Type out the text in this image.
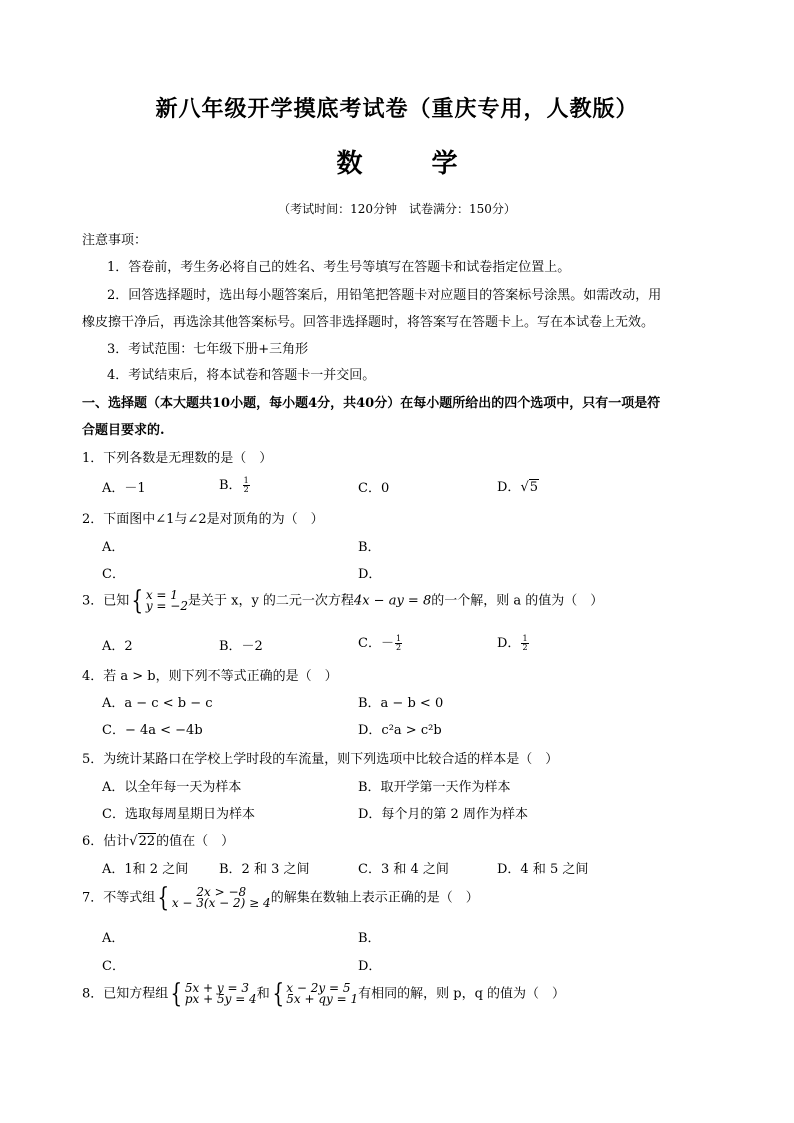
新八年级开学摸底考试卷（重庆专用，人教版）
数	学
（考试时间：120分钟　试卷满分：150分）
注意事项：
1．答卷前，考生务必将自己的姓名、考生号等填写在答题卡和试卷指定位置上。
2．回答选择题时，选出每小题答案后，用铅笔把答题卡对应题目的答案标号涂黑。如需改动，用
橡皮擦干净后，再选涂其他答案标号。回答非选择题时，将答案写在答题卡上。写在本试卷上无效。
3．考试范围：七年级下册+三角形
4．考试结束后，将本试卷和答题卡一并交回。
一、选择题（本大题共10小题，每小题4分，共40分）在每小题所给出的四个选项中，只有一项是符
合题目要求的.
1．下列各数是无理数的是（　）
A．－1	B． $\frac{1}{2}$	C．0	D．√5
2．下面图中∠1与∠2是对顶角的为（　）
A．	B．
C．	D．
3．已知 { x = 1
y = −2 是关于 x，y 的二元一次方程4x − ay = 8的一个解，则 a 的值为（　）
A．2	B．－2	C．－ $\frac{1}{2}$	D． $\frac{1}{2}$
4．若 a > b，则下列不等式正确的是（　）
A．a − c < b − c	B．a − b < 0
C．− 4a < −4b	D．c²a > c²b
5．为统计某路口在学校上学时段的车流量，则下列选项中比较合适的样本是（　）
A．以全年每一天为样本	B．取开学第一天作为样本
C．选取每周星期日为样本	D．每个月的第 2 周作为样本
6．估计√22的值在（　）
A．1和 2 之间 B．2 和 3 之间	C．3 和 4 之间	D．4 和 5 之间
7．不等式组 {	2x > −8
x − 3(x − 2) ≥ 4 的解集在数轴上表示正确的是（　）
A．	B．
C．	D．
8．已知方程组 { 5x + y = 3
px + 5y = 4 和 { x − 2y = 5
5x + qy = 1 有相同的解，则 p，q 的值为（　）
